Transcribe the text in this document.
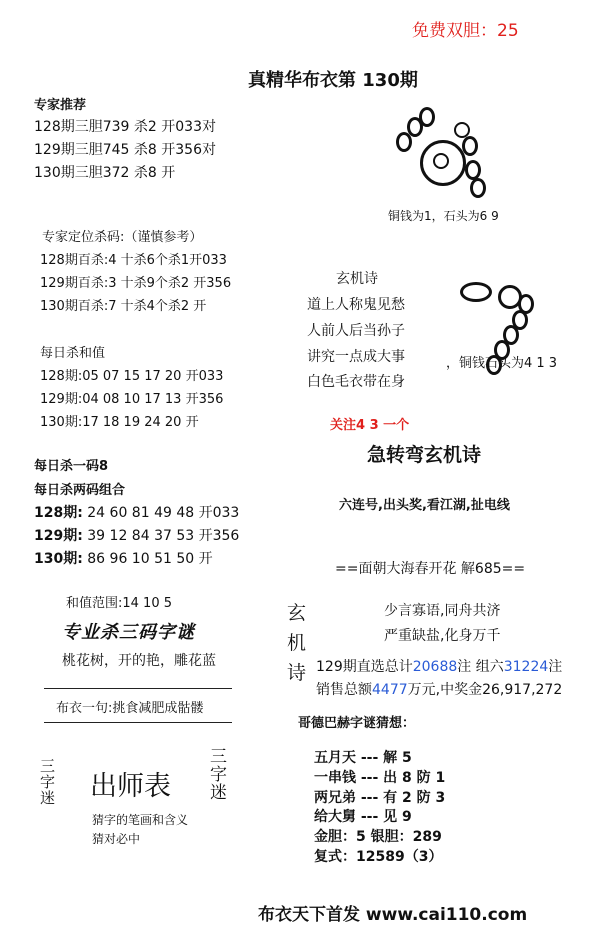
免费双胆：25
真精华布衣第 130期
专家推荐
128期三胆739 杀2 开033对
129期三胆745 杀8 开356对
130期三胆372 杀8 开
专家定位杀码:（谨慎参考）
128期百杀:4 十杀6个杀1开033
129期百杀:3 十杀9个杀2 开356
130期百杀:7 十杀4个杀2 开
每日杀和值
128期:05 07 15 17 20 开033
129期:04 08 10 17 13 开356
130期:17 18 19 24 20 开
每日杀一码8
每日杀两码组合
128期: 24 60 81 49 48 开033
129期: 39 12 84 37 53 开356
130期: 86 96 10 51 50 开
和值范围:14 10 5
专业杀三码字谜
桃花树，开的艳，雕花蓝
布衣一句:挑食减肥成骷髅
三
字
迷 出师表
三
字
迷
猜字的笔画和含义
猜对必中
铜钱为1，石头为6 9
玄机诗
道上人称鬼见愁
人前人后当孙子
讲究一点成大事
白色毛衣带在身
，铜钱石头为4 1 3
关注4 3 一个
急转弯玄机诗
六连号,出头奖,看江湖,扯电线
==面朝大海春开花 解685==
玄
机
诗
少言寡语,同舟共济
严重缺盐,化身万千
129期直选总计20688注 组六31224注
销售总额4477万元,中奖金26,917,272
哥德巴赫字谜猜想：
五月天 --- 解 5
一串钱 --- 出 8 防 1
两兄弟 --- 有 2 防 3
给大舅 --- 见 9
金胆：5 银胆：289
复式：12589（3）
布衣天下首发 www.cai110.com
